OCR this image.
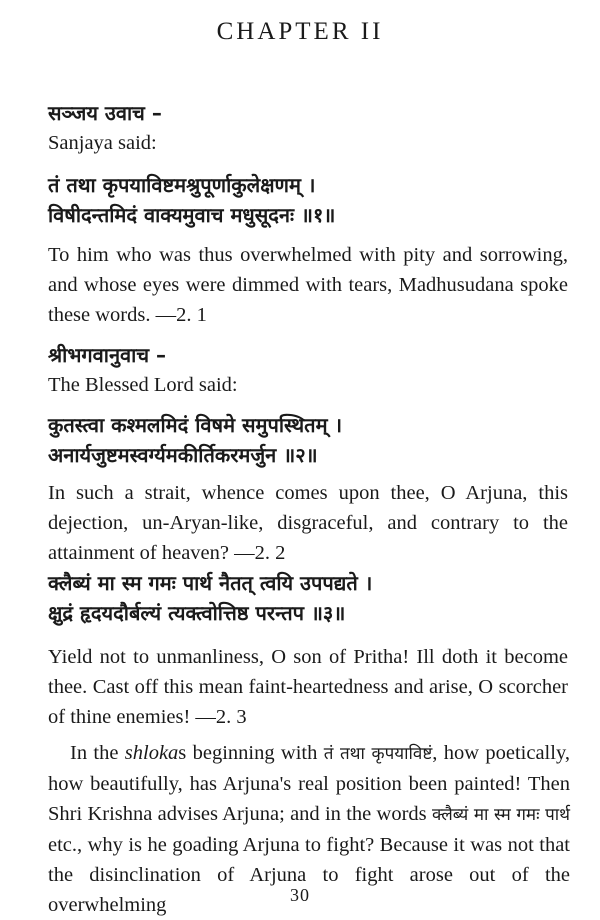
CHAPTER II

सञ्जय उवाच –

Sanjaya said:

तं तथा कृपयाविष्टमश्रुपूर्णाकुलेक्षणम् ।

विषीदन्तमिदं वाक्यमुवाच मधुसूदनः ॥१॥

To him who was thus overwhelmed with pity and sorrowing, and whose eyes were dimmed with tears, Madhusudana spoke these words. —2. 1

श्रीभगवानुवाच –

The Blessed Lord said:

कुतस्त्वा कश्मलमिदं विषमे समुपस्थितम् ।

अनार्यजुष्टमस्वर्ग्यमकीर्तिकरमर्जुन ॥२॥

In such a strait, whence comes upon thee, O Arjuna, this dejection, un-Aryan-like, disgraceful, and contrary to the attainment of heaven? —2. 2

क्लैब्यं मा स्म गमः पार्थ नैतत् त्वयि उपपद्यते ।

क्षुद्रं हृदयदौर्बल्यं त्यक्त्वोत्तिष्ठ परन्तप ॥३॥

Yield not to unmanliness, O son of Pritha! Ill doth it become thee. Cast off this mean faint-heartedness and arise, O scorcher of thine enemies! —2. 3

In the shlokas beginning with तं तथा कृपयाविष्टं, how poetically, how beautifully, has Arjuna's real position been painted! Then Shri Krishna advises Arjuna; and in the words क्लैब्यं मा स्म गमः पार्थ etc., why is he goading Arjuna to fight? Because it was not that the disinclination of Arjuna to fight arose out of the overwhelming	30
